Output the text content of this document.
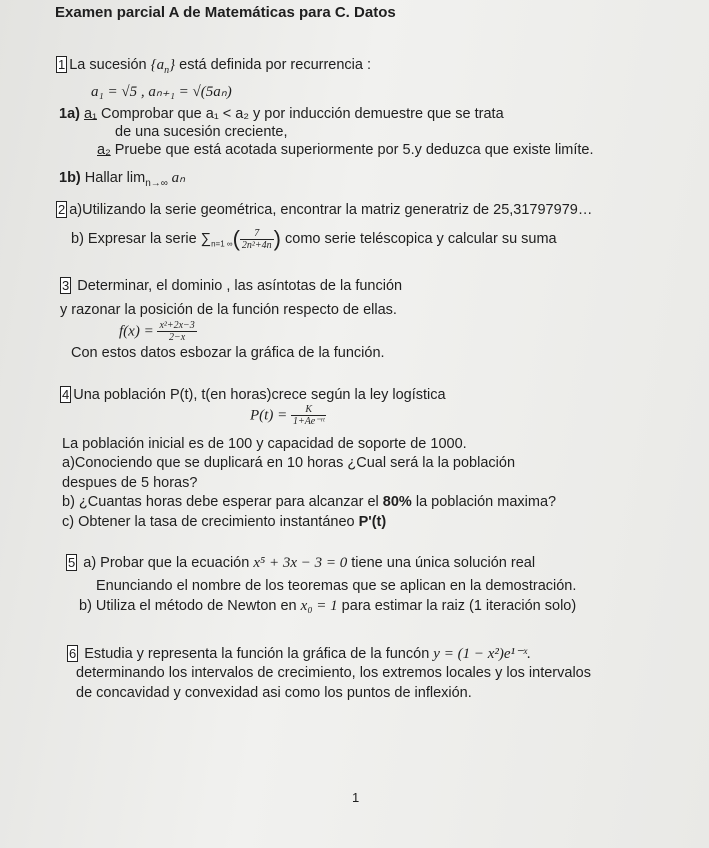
Examen parcial A de Matemáticas para C. Datos
1 La sucesión $\{a_n\}$ está definida por recurrencia :
a₁ = √5 , aₙ₊₁ = √(5aₙ)
1a) a₁ Comprobar que a₁ < a₂ y por inducción demuestre que se trata
de una sucesión creciente,
a₂ Pruebe que está acotada superiormente por 5.y deduzca que existe limíte.
1b) Hallar $\lim_{n\to\infty} a_n$
2 a)Utilizando la serie geométrica, encontrar la matriz generatriz de 25,31797979…
b) Expresar la serie $\sum_{n=1 \infty}( \frac{7}{\text{2n²+4n}}$ ) como serie teléscopica y calcular su suma
3 Determinar, el dominio , las asíntotas de la función
y razonar la posición de la función respecto de ellas.
$f(x) = \frac{\text{x²+2x−3}}{2-x}$
Con estos datos esbozar la gráfica de la función.
4 Una población P(t), t(en horas)crece según la ley logística
$P(t) = \frac{K}{\text{1+Ae⁻ʳᵗ}}$
La población inicial es de 100 y capacidad de soporte de 1000.
a)Conociendo que se duplicará en 10 horas ¿Cual será la la población
despues de 5 horas?
b) ¿Cuantas horas debe esperar para alcanzar el 80% la población maxima?
c) Obtener la tasa de crecimiento instantáneo P'(t)
5 a) Probar que la ecuación x⁵ + 3x − 3 = 0 tiene una única solución real
Enunciando el nombre de los teoremas que se aplican en la demostración.
b) Utiliza el método de Newton en x₀ = 1 para estimar la raiz (1 iteración solo)
6 Estudia y representa la función la gráfica de la funcón y = (1 − x²)e¹⁻ˣ.
determinando los intervalos de crecimiento, los extremos locales y los intervalos
de concavidad y convexidad asi como los puntos de inflexión.
1
